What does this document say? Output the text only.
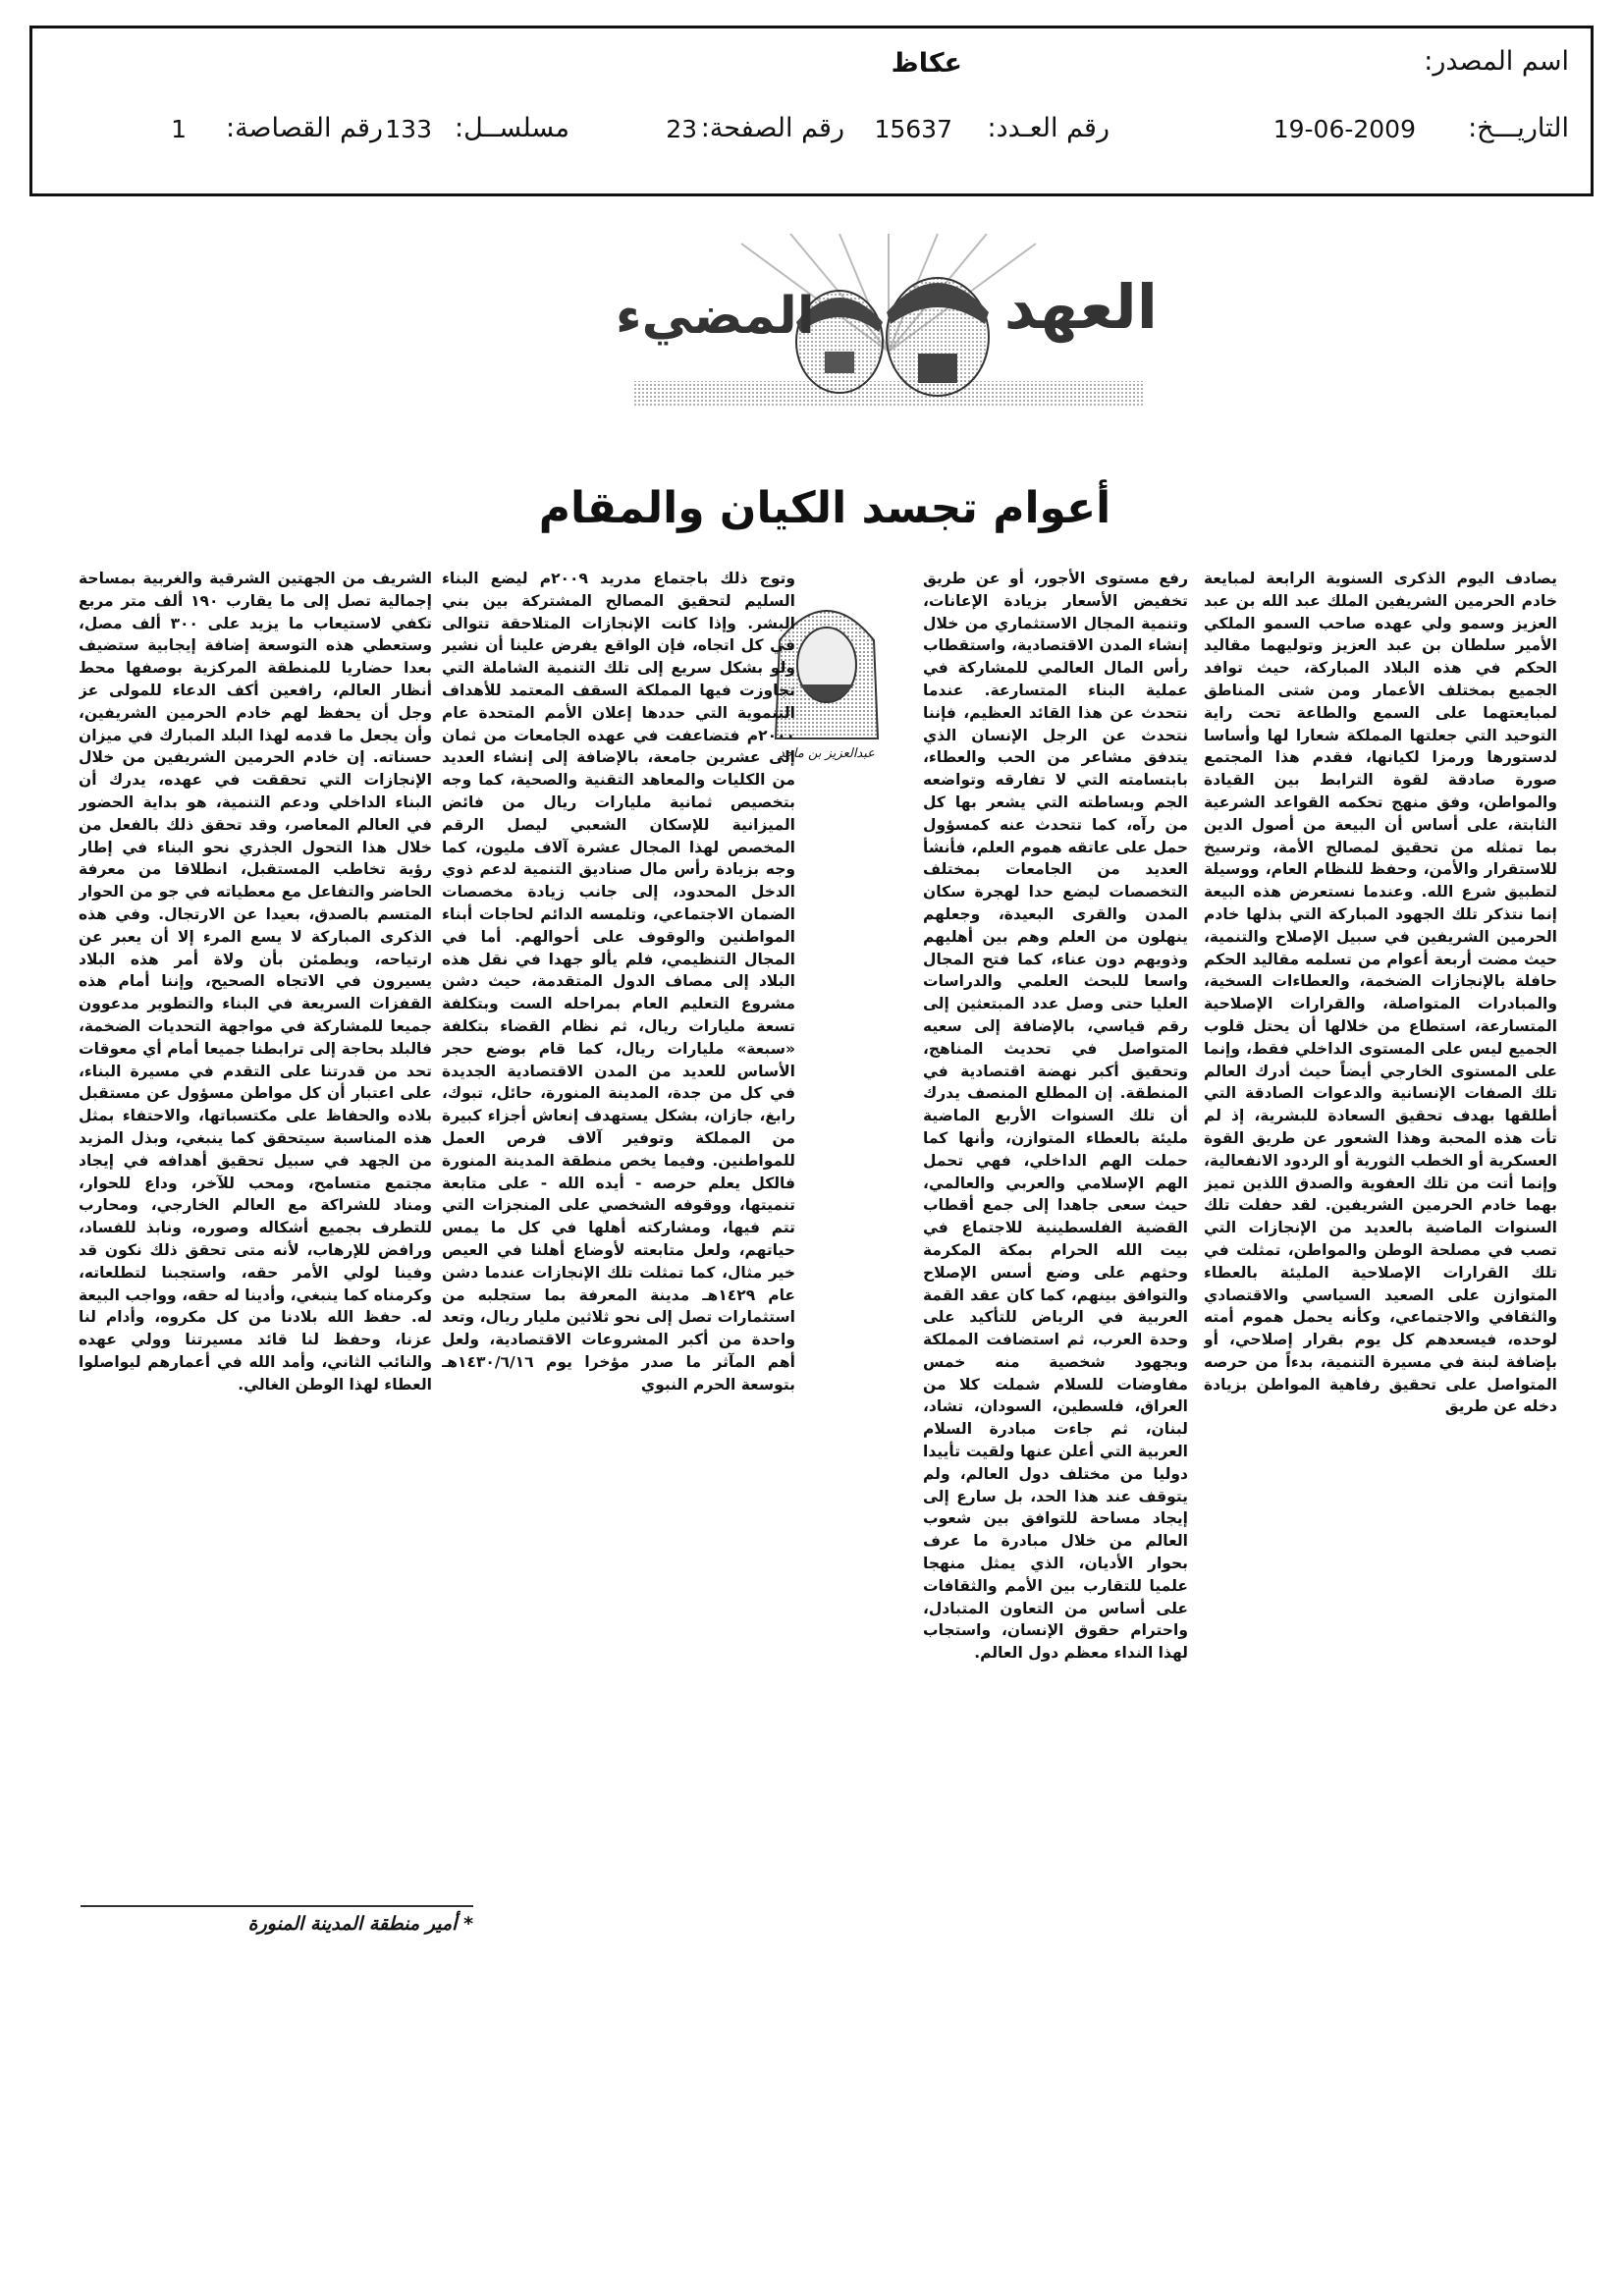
اسم المصدر:
عكاظ
التاريـــخ:
19-06-2009
رقم العـدد:
15637
رقم الصفحة:
23
مسلســل:
133
رقم القصاصة:
1
العهد
المضيء
أعوام تجسد الكيان والمقام
يصادف اليوم الذكرى السنوية الرابعة لمبايعة خادم الحرمين الشريفين الملك عبد الله بن عبد العزيز وسمو ولي عهده صاحب السمو الملكي الأمير سلطان بن عبد العزيز وتوليهما مقاليد الحكم في هذه البلاد المباركة، حيث توافد الجميع بمختلف الأعمار ومن شتى المناطق لمبايعتهما على السمع والطاعة تحت راية التوحيد التي جعلتها المملكة شعارا لها وأساسا لدستورها ورمزا لكيانها، فقدم هذا المجتمع صورة صادقة لقوة الترابط بين القيادة والمواطن، وفق منهج تحكمه القواعد الشرعية الثابتة، على أساس أن البيعة من أصول الدين بما تمثله من تحقيق لمصالح الأمة، وترسيخ للاستقرار والأمن، وحفظ للنظام العام، ووسيلة لتطبيق شرع الله. وعندما نستعرض هذه البيعة إنما نتذكر تلك الجهود المباركة التي بذلها خادم الحرمين الشريفين في سبيل الإصلاح والتنمية، حيث مضت أربعة أعوام من تسلمه مقاليد الحكم حافلة بالإنجازات الضخمة، والعطاءات السخية، والمبادرات المتواصلة، والقرارات الإصلاحية المتسارعة، استطاع من خلالها أن يحتل قلوب الجميع ليس على المستوى الداخلي فقط، وإنما على المستوى الخارجي أيضاً حيث أدرك العالم تلك الصفات الإنسانية والدعوات الصادقة التي أطلقها بهدف تحقيق السعادة للبشرية، إذ لم تأت هذه المحبة وهذا الشعور عن طريق القوة العسكرية أو الخطب الثورية أو الردود الانفعالية، وإنما أتت من تلك العفوية والصدق اللذين تميز بهما خادم الحرمين الشريفين. لقد حفلت تلك السنوات الماضية بالعديد من الإنجازات التي تصب في مصلحة الوطن والمواطن، تمثلت في تلك القرارات الإصلاحية المليئة بالعطاء المتوازن على الصعيد السياسي والاقتصادي والثقافي والاجتماعي، وكأنه يحمل هموم أمته لوحده، فيسعدهم كل يوم بقرار إصلاحي، أو بإضافة لبنة في مسيرة التنمية، بدءاً من حرصه المتواصل على تحقيق رفاهية المواطن بزيادة دخله عن طريق

رفع مستوى الأجور، أو عن طريق تخفيض الأسعار بزيادة الإعانات، وتنمية المجال الاستثماري من خلال إنشاء المدن الاقتصادية، واستقطاب رأس المال العالمي للمشاركة في عملية البناء المتسارعة. عندما نتحدث عن هذا القائد العظيم، فإننا نتحدث عن الرجل الإنسان الذي يتدفق مشاعر من الحب والعطاء، بابتسامته التي لا تفارقه وتواضعه الجم وبساطته التي يشعر بها كل من رآه، كما تتحدث عنه كمسؤول حمل على عاتقه هموم العلم، فأنشأ العديد من الجامعات بمختلف التخصصات ليضع حدا لهجرة سكان المدن والقرى البعيدة، وجعلهم ينهلون من العلم وهم بين أهليهم وذويهم دون عناء، كما فتح المجال واسعا للبحث العلمي والدراسات العليا حتى وصل عدد المبتعثين إلى رقم قياسي، بالإضافة إلى سعيه المتواصل في تحديث المناهج، وتحقيق أكبر نهضة اقتصادية في المنطقة. إن المطلع المنصف يدرك أن تلك السنوات الأربع الماضية مليئة بالعطاء المتوازن، وأنها كما حملت الهم الداخلي، فهي تحمل الهم الإسلامي والعربي والعالمي، حيث سعى جاهدا إلى جمع أقطاب القضية الفلسطينية للاجتماع في بيت الله الحرام بمكة المكرمة وحثهم على وضع أسس الإصلاح والتوافق بينهم، كما كان عقد القمة العربية في الرياض للتأكيد على وحدة العرب، ثم استضافت المملكة وبجهود شخصية منه خمس مفاوضات للسلام شملت كلا من العراق، فلسطين، السودان، تشاد، لبنان، ثم جاءت مبادرة السلام العربية التي أعلن عنها ولقيت تأييدا دوليا من مختلف دول العالم، ولم يتوقف عند هذا الحد، بل سارع إلى إيجاد مساحة للتوافق بين شعوب العالم من خلال مبادرة ما عرف بحوار الأديان، الذي يمثل منهجا علميا للتقارب بين الأمم والثقافات على أساس من التعاون المتبادل، واحترام حقوق الإنسان، واستجاب لهذا النداء معظم دول العالم.

عبدالعزيز بن ماجد
وتوج ذلك باجتماع مدريد ٢٠٠٩م ليضع البناء السليم لتحقيق المصالح المشتركة بين بني البشر. وإذا كانت الإنجازات المتلاحقة تتوالى في كل اتجاه، فإن الواقع يفرض علينا أن نشير ولو بشكل سريع إلى تلك التنمية الشاملة التي تجاوزت فيها المملكة السقف المعتمد للأهداف التنموية التي حددها إعلان الأمم المتحدة عام ٢٠٠٠م فتضاعفت في عهده الجامعات من ثمان إلى عشرين جامعة، بالإضافة إلى إنشاء العديد من الكليات والمعاهد التقنية والصحية، كما وجه بتخصيص ثمانية مليارات ريال من فائض الميزانية للإسكان الشعبي ليصل الرقم المخصص لهذا المجال عشرة آلاف مليون، كما وجه بزيادة رأس مال صناديق التنمية لدعم ذوي الدخل المحدود، إلى جانب زيادة مخصصات الضمان الاجتماعي، وتلمسه الدائم لحاجات أبناء المواطنين والوقوف على أحوالهم. أما في المجال التنظيمي، فلم يألو جهدا في نقل هذه البلاد إلى مصاف الدول المتقدمة، حيث دشن مشروع التعليم العام بمراحله الست وبتكلفة تسعة مليارات ريال، ثم نظام القضاء بتكلفة «سبعة» مليارات ريال، كما قام بوضع حجر الأساس للعديد من المدن الاقتصادية الجديدة في كل من جدة، المدينة المنورة، حائل، تبوك، رابغ، جازان، بشكل يستهدف إنعاش أجزاء كبيرة من المملكة وتوفير آلاف فرص العمل للمواطنين. وفيما يخص منطقة المدينة المنورة فالكل يعلم حرصه - أيده الله - على متابعة تنميتها، ووقوفه الشخصي على المنجزات التي تتم فيها، ومشاركته أهلها في كل ما يمس حياتهم، ولعل متابعته لأوضاع أهلنا في العيص خير مثال، كما تمثلت تلك الإنجازات عندما دشن عام ١٤٢٩هـ مدينة المعرفة بما ستجلبه من استثمارات تصل إلى نحو ثلاثين مليار ريال، وتعد واحدة من أكبر المشروعات الاقتصادية، ولعل أهم المآثر ما صدر مؤخرا يوم ١٤٣٠/٦/١٦هـ بتوسعة الحرم النبوي
الشريف من الجهتين الشرقية والغربية بمساحة إجمالية تصل إلى ما يقارب ١٩٠ ألف متر مربع تكفي لاستيعاب ما يزيد على ٣٠٠ ألف مصل، وستعطي هذه التوسعة إضافة إيجابية ستضيف بعدا حضاريا للمنطقة المركزية بوصفها محط أنظار العالم، رافعين أكف الدعاء للمولى عز وجل أن يحفظ لهم خادم الحرمين الشريفين، وأن يجعل ما قدمه لهذا البلد المبارك في ميزان حسناته. إن خادم الحرمين الشريفين من خلال الإنجازات التي تحققت في عهده، يدرك أن البناء الداخلي ودعم التنمية، هو بداية الحضور في العالم المعاصر، وقد تحقق ذلك بالفعل من خلال هذا التحول الجذري نحو البناء في إطار رؤية تخاطب المستقبل، انطلاقا من معرفة الحاضر والتفاعل مع معطياته في جو من الحوار المتسم بالصدق، بعيدا عن الارتجال. وفي هذه الذكرى المباركة لا يسع المرء إلا أن يعبر عن ارتياحه، ويطمئن بأن ولاة أمر هذه البلاد يسيرون في الاتجاه الصحيح، وإننا أمام هذه القفزات السريعة في البناء والتطوير مدعوون جميعا للمشاركة في مواجهة التحديات الضخمة، فالبلد بحاجة إلى ترابطنا جميعا أمام أي معوقات تحد من قدرتنا على التقدم في مسيرة البناء، على اعتبار أن كل مواطن مسؤول عن مستقبل بلاده والحفاظ على مكتسباتها، والاحتفاء بمثل هذه المناسبة سيتحقق كما ينبغي، وبذل المزيد من الجهد في سبيل تحقيق أهدافه في إيجاد مجتمع متسامح، ومحب للآخر، وداع للحوار، ومناد للشراكة مع العالم الخارجي، ومحارب للتطرف بجميع أشكاله وصوره، ونابذ للفساد، ورافض للإرهاب، لأنه متى تحقق ذلك نكون قد وفينا لولي الأمر حقه، واستجبنا لتطلعاته، وكرمناه كما ينبغي، وأدينا له حقه، وواجب البيعة له. حفظ الله بلادنا من كل مكروه، وأدام لنا عزنا، وحفظ لنا قائد مسيرتنا وولي عهده والنائب الثاني، وأمد الله في أعمارهم ليواصلوا العطاء لهذا الوطن الغالي.
* أمير منطقة المدينة المنورة
